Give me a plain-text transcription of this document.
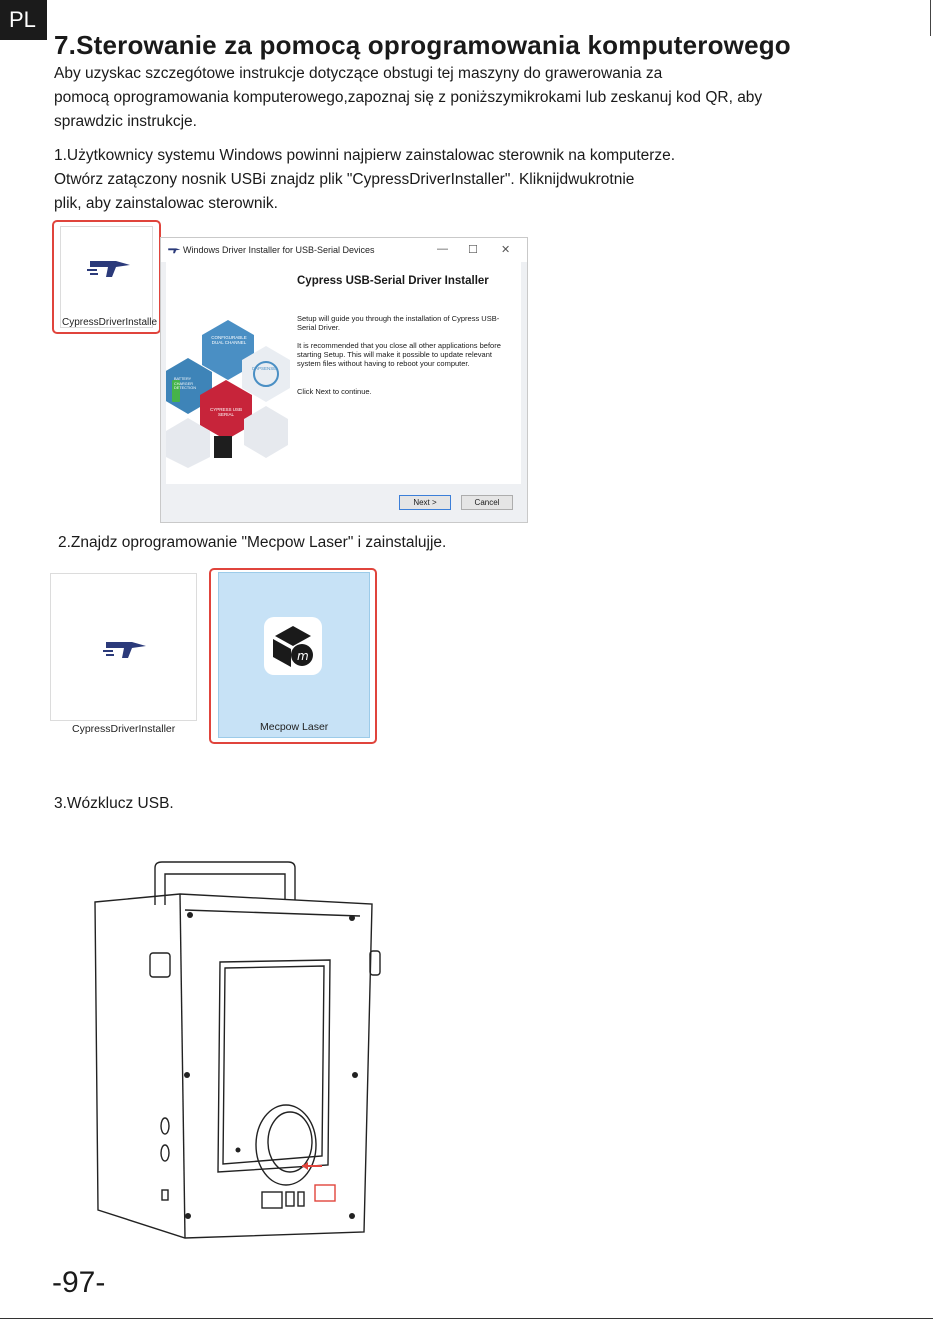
PL
7.Sterowanie za pomocą oprogramowania komputerowego
Aby uzyskac szczegótowe instrukcje dotyczące obstugi tej maszyny do grawerowania za
pomocą oprogramowania komputerowego,zapoznaj się z poniższymikrokami lub zeskanuj kod QR, aby
sprawdzic instrukcje.
1.Użytkownicy systemu Windows powinni najpierw zainstalowac sterownik na komputerze.
Otwórz zatączony nosnik USBi znajdz plik "CypressDriverInstaller". Kliknijdwukrotnie
plik, aby zainstalowac sterownik.
CypressDriverInstalle
Windows Driver Installer for USB-Serial Devices	— ☐ ✕
CONFIGURABLE DUAL CHANNEL
CYPRESS USB SERIAL
BATTERY CHARGER DETECTION
CAPSENSE
Cypress USB-Serial Driver Installer
Setup will guide you through the installation of Cypress USB-Serial Driver.
It is recommended that you close all other applications before starting Setup. This will make it possible to update relevant system files without having to reboot your computer.
Click Next to continue.
Next >	Cancel
2.Znajdz oprogramowanie "Mecpow Laser" i zainstalujje.
CypressDriverInstaller
m
Mecpow Laser
3.Wózklucz USB.
-97-
